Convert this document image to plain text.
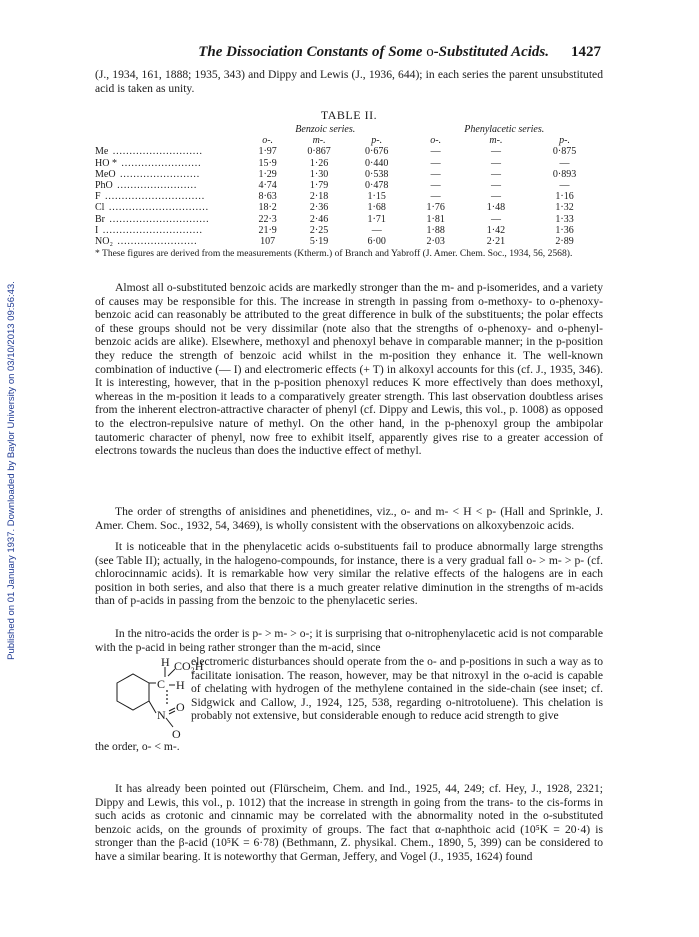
Published on 01 January 1937. Downloaded by Baylor University on 03/10/2013 09:56:43.
The Dissociation Constants of Some o-Substituted Acids. 1427
(J., 1934, 161, 1888; 1935, 343) and Dippy and Lewis (J., 1936, 644); in each series the parent unsubstituted acid is taken as unity.
TABLE II.
	Benzoic series.			Phenylacetic series.		
	o-.	m-.	p-.	o-.	m-.	p-.
Me ………………………	1·97	0·867	0·676	—	—	0·875
HO * ……………………	15·9	1·26	0·440	—	—	—
MeO ……………………	1·29	1·30	0·538	—	—	0·893
PhO ……………………	4·74	1·79	0·478	—	—	—
F …………………………	8·63	2·18	1·15	—	—	1·16
Cl …………………………	18·2	2·36	1·68	1·76	1·48	1·32
Br …………………………	22·3	2·46	1·71	1·81	—	1·33
I …………………………	21·9	2·25	—	1·88	1·42	1·36
NO₂ ……………………	107	5·19	6·00	2·03	2·21	2·89
* These figures are derived from the measurements (Ktherm.) of Branch and Yabroff (J. Amer. Chem. Soc., 1934, 56, 2568).

Almost all o-substituted benzoic acids are markedly stronger than the m- and p-isomerides, and a variety of causes may be responsible for this. The increase in strength in passing from o-methoxy- to o-phenoxy-benzoic acid can reasonably be attributed to the great difference in bulk of the substituents; the polar effects of these groups should not be very dissimilar (note also that the strengths of o-phenoxy- and o-phenyl-benzoic acids are alike). Elsewhere, methoxyl and phenoxyl behave in comparable manner; in the p-position they reduce the strength of benzoic acid whilst in the m-position they enhance it. The well-known combination of inductive (— I) and electromeric effects (+ T) in alkoxyl accounts for this (cf. J., 1935, 346). It is interesting, however, that in the p-position phenoxyl reduces K more effectively than does methoxyl, whereas in the m-position it leads to a comparatively greater strength. This last observation doubtless arises from the inherent electron-attractive character of phenyl (cf. Dippy and Lewis, this vol., p. 1008) as opposed to the electron-repulsive nature of methyl. On the other hand, in the p-phenoxyl group the ambipolar tautomeric character of phenyl, now free to exhibit itself, apparently gives rise to a greater accession of electrons towards the nucleus than does the inductive effect of methyl.

The order of strengths of anisidines and phenetidines, viz., o- and m- < H < p- (Hall and Sprinkle, J. Amer. Chem. Soc., 1932, 54, 3469), is wholly consistent with the observations on alkoxybenzoic acids.

It is noticeable that in the phenylacetic acids o-substituents fail to produce abnormally large strengths (see Table II); actually, in the halogeno-compounds, for instance, there is a very gradual fall o- > m- > p- (cf. chlorocinnamic acids). It is remarkable how very similar the relative effects of the halogens are in each position in both series, and also that there is a much greater relative diminution in the strengths of m-acids than of p-acids in passing from the benzoic to the phenylacetic series.

In the nitro-acids the order is p- > m- > o-; it is surprising that o-nitrophenylacetic acid is not comparable with the p-acid in being rather stronger than the m-acid, since

H CO₂H
C H
N
O
O
electromeric disturbances should operate from the o- and p-positions in such a way as to facilitate ionisation. The reason, however, may be that nitroxyl in the o-acid is capable of chelating with hydrogen of the methylene contained in the side-chain (see inset; cf. Sidgwick and Callow, J., 1924, 125, 538, regarding o-nitrotoluene). This chelation is probably not extensive, but considerable enough to reduce acid strength to give
the order, o- < m-.

It has already been pointed out (Flürscheim, Chem. and Ind., 1925, 44, 249; cf. Hey, J., 1928, 2321; Dippy and Lewis, this vol., p. 1012) that the increase in strength in going from the trans- to the cis-forms in such acids as crotonic and cinnamic may be correlated with the abnormality noted in the o-substituted benzoic acids, on the grounds of proximity of groups. The fact that α-naphthoic acid (10⁵K = 20·4) is stronger than the β-acid (10⁵K = 6·78) (Bethmann, Z. physikal. Chem., 1890, 5, 399) can be considered to have a similar bearing. It is noteworthy that German, Jeffery, and Vogel (J., 1935, 1624) found
